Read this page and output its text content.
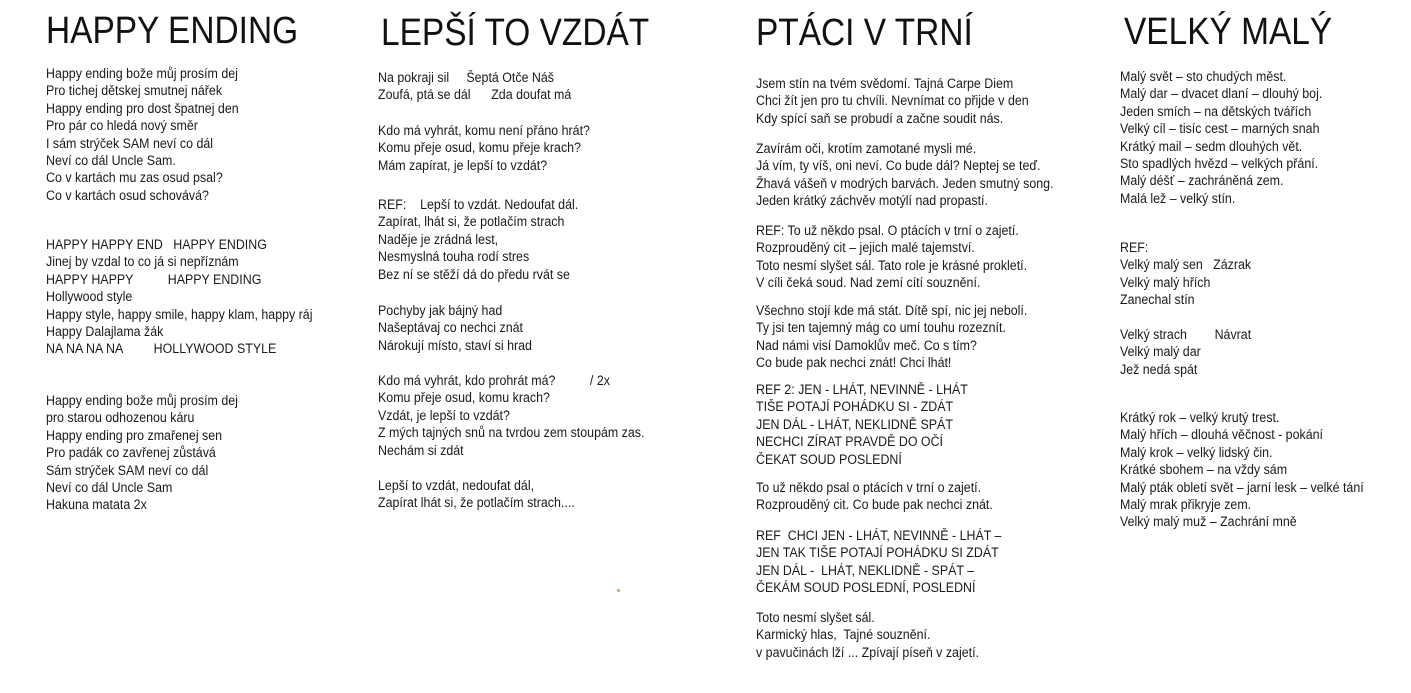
HAPPY ENDING
Happy ending bože můj prosím dej
Pro tichej dětskej smutnej nářek
Happy ending pro dost špatnej den
Pro pár co hledá nový směr
I sám strýček SAM neví co dál
Neví co dál Uncle Sam.
Co v kartách mu zas osud psal?
Co v kartách osud schovává?
HAPPY HAPPY END   HAPPY ENDING
Jinej by vzdal to co já si nepříznám
HAPPY HAPPY          HAPPY ENDING
Hollywood style
Happy style, happy smile, happy klam, happy ráj
Happy Dalajlama žák
NA NA NA NA         HOLLYWOOD STYLE
Happy ending bože můj prosím dej
pro starou odhozenou káru
Happy ending pro zmařenej sen
Pro padák co zavřenej zůstává
Sám strýček SAM neví co dál
Neví co dál Uncle Sam
Hakuna matata 2x
LEPŠÍ TO VZDÁT
Na pokraji sil     Šeptá Otče Náš
Zoufá, ptá se dál      Zda doufat má
Kdo má vyhrát, komu není přáno hrát?
Komu přeje osud, komu přeje krach?
Mám zapírat, je lepší to vzdát?
REF:    Lepší to vzdát. Nedoufat dál.
Zapírat, lhát si, že potlačím strach
Naděje je zrádná lest,
Nesmyslná touha rodí stres
Bez ní se stěží dá do předu rvát se
Pochyby jak bájný had
Našeptávaj co nechci znát
Nárokují místo, staví si hrad
Kdo má vyhrát, kdo prohrát má?          / 2x
Komu přeje osud, komu krach?
Vzdát, je lepší to vzdát?
Z mých tajných snů na tvrdou zem stoupám zas.
Nechám si zdát
Lepší to vzdát, nedoufat dál,
Zapírat lhát si, že potlačím strach....
PTÁCI V TRNÍ
Jsem stín na tvém svědomí. Tajná Carpe Diem
Chci žít jen pro tu chvíli. Nevnímat co přijde v den
Kdy spící saň se probudí a začne soudit nás.
Zavírám oči, krotím zamotané mysli mé.
Já vím, ty víš, oni neví. Co bude dál? Neptej se teď.
Žhavá vášeň v modrých barvách. Jeden smutný song.
Jeden krátký záchvěv motýlí nad propastí.
REF: To už někdo psal. O ptácích v trní o zajetí.
Rozprouděný cit – jejich malé tajemství.
Toto nesmí slyšet sál. Tato role je krásné prokletí.
V cíli čeká soud. Nad zemí cítí souznění.
Všechno stojí kde má stát. Dítě spí, nic jej nebolí.
Ty jsi ten tajemný mág co umí touhu rozeznít.
Nad námi visí Damoklův meč. Co s tím?
Co bude pak nechci znát! Chci lhát!
REF 2: JEN - LHÁT, NEVINNĚ - LHÁT
TIŠE POTAJÍ POHÁDKU SI - ZDÁT
JEN DÁL - LHÁT, NEKLIDNĚ SPÁT
NECHCI ZÍRAT PRAVDĚ DO OČÍ
ČEKAT SOUD POSLEDNÍ
To už někdo psal o ptácích v trní o zajetí.
Rozprouděný cit. Co bude pak nechci znát.
REF  CHCI JEN - LHÁT, NEVINNĚ - LHÁT –
JEN TAK TIŠE POTAJÍ POHÁDKU SI ZDÁT
JEN DÁL -  LHÁT, NEKLIDNĚ - SPÁT –
ČEKÁM SOUD POSLEDNÍ, POSLEDNÍ
Toto nesmí slyšet sál.
Karmický hlas,  Tajné souznění.
v pavučinách lží ... Zpívají píseň v zajetí.
VELKÝ MALÝ
Malý svět – sto chudých měst.
Malý dar – dvacet dlaní – dlouhý boj.
Jeden smích – na dětských tvářích
Velký cíl – tisíc cest – marných snah
Krátký mail – sedm dlouhých vět.
Sto spadlých hvězd – velkých přání.
Malý déšť – zachráněná zem.
Malá lež – velký stín.
REF:
Velký malý sen   Zázrak
Velký malý hřích
Zanechal stín
Velký strach        Návrat
Velký malý dar
Jež nedá spát
Krátký rok – velký krutý trest.
Malý hřích – dlouhá věčnost - pokání
Malý krok – velký lidský čin.
Krátké sbohem – na vždy sám
Malý pták obletí svět – jarní lesk – velké tání
Malý mrak přikryje zem.
Velký malý muž – Zachrání mně
